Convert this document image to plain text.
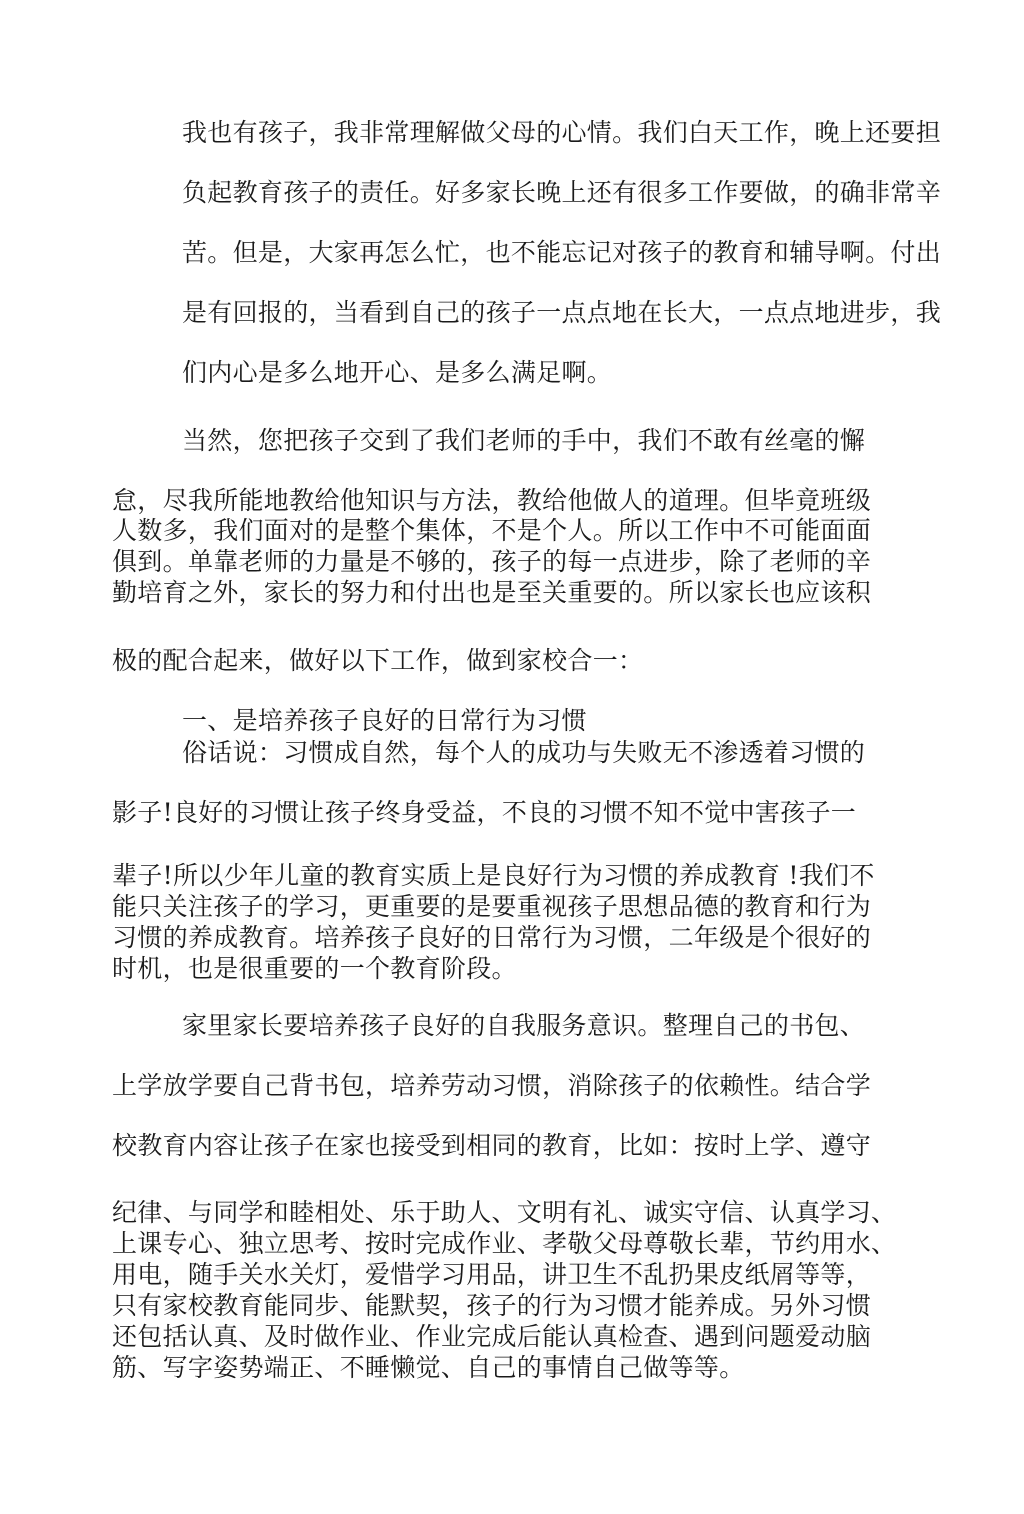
我也有孩子，我非常理解做父母的心情。我们白天工作，晚上还要担
负起教育孩子的责任。好多家长晚上还有很多工作要做，的确非常辛
苦。但是，大家再怎么忙，也不能忘记对孩子的教育和辅导啊。付出
是有回报的，当看到自己的孩子一点点地在长大，一点点地进步，我
们内心是多么地开心、是多么满足啊。
当然，您把孩子交到了我们老师的手中，我们不敢有丝毫的懈
怠，尽我所能地教给他知识与方法，教给他做人的道理。但毕竟班级
人数多，我们面对的是整个集体，不是个人。所以工作中不可能面面
俱到。单靠老师的力量是不够的，孩子的每一点进步，除了老师的辛
勤培育之外，家长的努力和付出也是至关重要的。所以家长也应该积
极的配合起来，做好以下工作，做到家校合一：
一、是培养孩子良好的日常行为习惯
俗话说：习惯成自然，每个人的成功与失败无不渗透着习惯的
影子!良好的习惯让孩子终身受益，不良的习惯不知不觉中害孩子一
辈子!所以少年儿童的教育实质上是良好行为习惯的养成教育 !我们不
能只关注孩子的学习，更重要的是要重视孩子思想品德的教育和行为
习惯的养成教育。培养孩子良好的日常行为习惯，二年级是个很好的
时机，也是很重要的一个教育阶段。
家里家长要培养孩子良好的自我服务意识。整理自己的书包、
上学放学要自己背书包，培养劳动习惯，消除孩子的依赖性。结合学
校教育内容让孩子在家也接受到相同的教育，比如：按时上学、遵守
纪律、与同学和睦相处、乐于助人、文明有礼、诚实守信、认真学习、
上课专心、独立思考、按时完成作业、孝敬父母尊敬长辈，节约用水、
用电，随手关水关灯，爱惜学习用品，讲卫生不乱扔果皮纸屑等等，
只有家校教育能同步、能默契，孩子的行为习惯才能养成。另外习惯
还包括认真、及时做作业、作业完成后能认真检查、遇到问题爱动脑
筋、写字姿势端正、不睡懒觉、自己的事情自己做等等。
